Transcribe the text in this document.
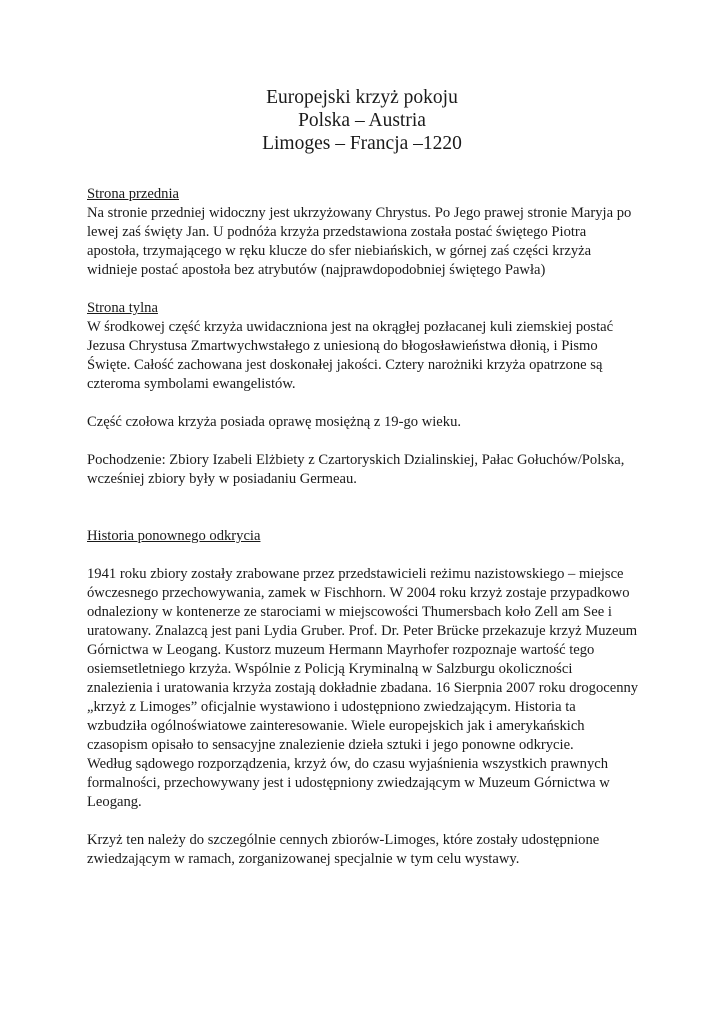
Europejski krzyż pokoju
Polska – Austria
Limoges – Francja –1220
Strona przednia
Na stronie przedniej widoczny jest ukrzyżowany Chrystus. Po Jego prawej stronie Maryja po
lewej zaś święty Jan. U podnóża krzyża przedstawiona została postać świętego Piotra
apostoła, trzymającego w ręku klucze do sfer niebiańskich, w górnej zaś części krzyża
widnieje postać apostoła bez atrybutów (najprawdopodobniej świętego Pawła)
Strona tylna
W środkowej część krzyża uwidaczniona jest na okrągłej pozłacanej kuli ziemskiej postać
Jezusa Chrystusa Zmartwychwstałego z uniesioną do błogosławieństwa dłonią, i Pismo
Święte. Całość zachowana jest doskonałej jakości. Cztery narożniki krzyża opatrzone są
czteroma symbolami ewangelistów.
Część czołowa krzyża posiada oprawę mosiężną z 19-go wieku.
Pochodzenie: Zbiory Izabeli Elżbiety z Czartoryskich Dzialinskiej, Pałac Gołuchów/Polska,
wcześniej zbiory były w posiadaniu Germeau.
Historia ponownego odkrycia
1941 roku zbiory zostały zrabowane przez przedstawicieli reżimu nazistowskiego – miejsce
ówczesnego przechowywania, zamek w Fischhorn. W 2004 roku krzyż zostaje przypadkowo
odnaleziony w kontenerze ze starociami w miejscowości Thumersbach koło Zell am See i
uratowany. Znalazcą jest pani Lydia Gruber. Prof. Dr. Peter Brücke przekazuje krzyż Muzeum
Górnictwa w Leogang. Kustorz muzeum Hermann Mayrhofer rozpoznaje wartość tego
osiemsetletniego krzyża. Wspólnie z Policją Kryminalną w Salzburgu okoliczności
znalezienia i uratowania krzyża zostają dokładnie zbadana. 16 Sierpnia 2007 roku drogocenny
„krzyż z Limoges” oficjalnie wystawiono i udostępniono zwiedzającym. Historia ta
wzbudziła ogólnoświatowe zainteresowanie. Wiele europejskich jak i amerykańskich
czasopism opisało to sensacyjne znalezienie dzieła sztuki i jego ponowne odkrycie.
Według sądowego rozporządzenia, krzyż ów, do czasu wyjaśnienia wszystkich prawnych
formalności, przechowywany jest i udostępniony zwiedzającym w Muzeum Górnictwa w
Leogang.
Krzyż ten należy do szczególnie cennych zbiorów-Limoges, które zostały udostępnione
zwiedzającym w ramach, zorganizowanej specjalnie w tym celu wystawy.
